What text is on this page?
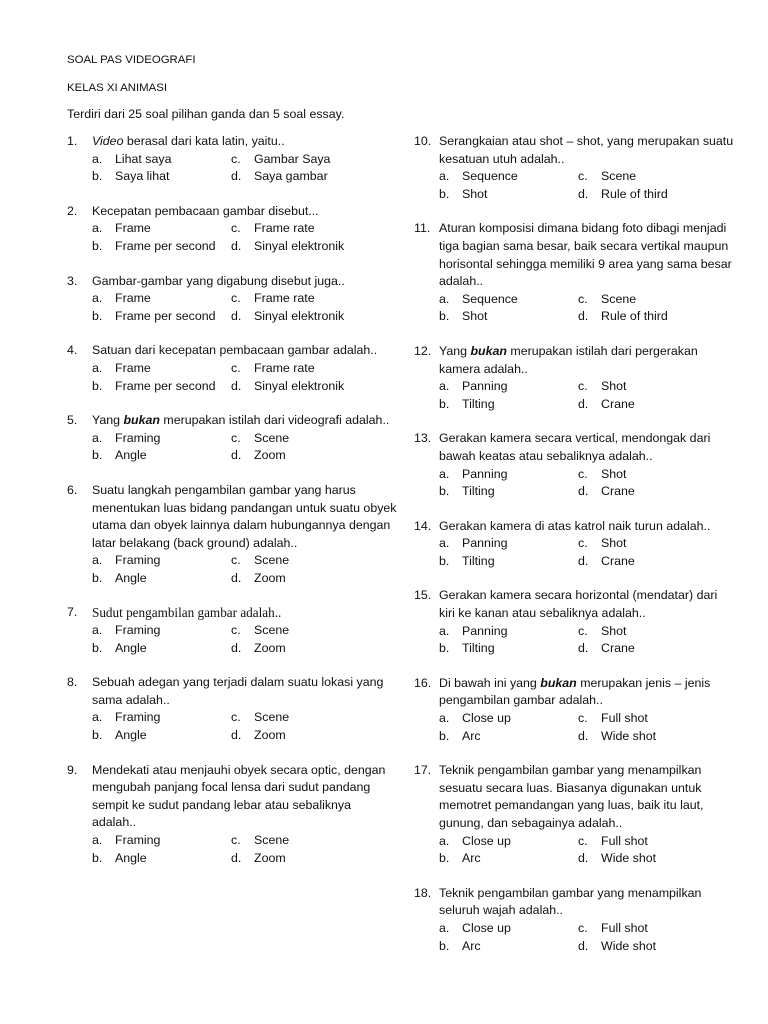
SOAL PAS VIDEOGRAFI
KELAS XI ANIMASI
Terdiri dari 25 soal pilihan ganda dan 5 soal essay.
1. Video berasal dari kata latin, yaitu..
a. Lihat saya	c. Gambar Saya
b. Saya lihat	d. Saya gambar
2. Kecepatan pembacaan gambar disebut...
a. Frame	c. Frame rate
b. Frame per second	d. Sinyal elektronik
3. Gambar-gambar yang digabung disebut juga..
a. Frame	c. Frame rate
b. Frame per second	d. Sinyal elektronik
4. Satuan dari kecepatan pembacaan gambar adalah..
a. Frame	c. Frame rate
b. Frame per second	d. Sinyal elektronik
5. Yang bukan merupakan istilah dari videografi adalah..
a. Framing	c. Scene
b. Angle	d. Zoom
6. Suatu langkah pengambilan gambar yang harus menentukan luas bidang pandangan untuk suatu obyek utama dan obyek lainnya dalam hubungannya dengan latar belakang (back ground) adalah..
a. Framing	c. Scene
b. Angle	d. Zoom
7. Sudut pengambilan gambar adalah..
a. Framing	c. Scene
b. Angle	d. Zoom
8. Sebuah adegan yang terjadi dalam suatu lokasi yang sama adalah..
a. Framing	c. Scene
b. Angle	d. Zoom
9. Mendekati atau menjauhi obyek secara optic, dengan mengubah panjang focal lensa dari sudut pandang sempit ke sudut pandang lebar atau sebaliknya adalah..
a. Framing	c. Scene
b. Angle	d. Zoom
10. Serangkaian atau shot – shot, yang merupakan suatu kesatuan utuh adalah..
a. Sequence	c. Scene
b. Shot	d. Rule of third
11. Aturan komposisi dimana bidang foto dibagi menjadi tiga bagian sama besar, baik secara vertikal maupun horisontal sehingga memiliki 9 area yang sama besar adalah..
a. Sequence	c. Scene
b. Shot	d. Rule of third
12. Yang bukan merupakan istilah dari pergerakan kamera adalah..
a. Panning	c. Shot
b. Tilting	d. Crane
13. Gerakan kamera secara vertical, mendongak dari bawah keatas atau sebaliknya adalah..
a. Panning	c. Shot
b. Tilting	d. Crane
14. Gerakan kamera di atas katrol naik turun adalah..
a. Panning	c. Shot
b. Tilting	d. Crane
15. Gerakan kamera secara horizontal (mendatar) dari kiri ke kanan atau sebaliknya adalah..
a. Panning	c. Shot
b. Tilting	d. Crane
16. Di bawah ini yang bukan merupakan jenis – jenis pengambilan gambar adalah..
a. Close up	c. Full shot
b. Arc	d. Wide shot
17. Teknik pengambilan gambar yang menampilkan sesuatu secara luas. Biasanya digunakan untuk memotret pemandangan yang luas, baik itu laut, gunung, dan sebagainya adalah..
a. Close up	c. Full shot
b. Arc	d. Wide shot
18. Teknik pengambilan gambar yang menampilkan seluruh wajah adalah..
a. Close up	c. Full shot
b. Arc	d. Wide shot
